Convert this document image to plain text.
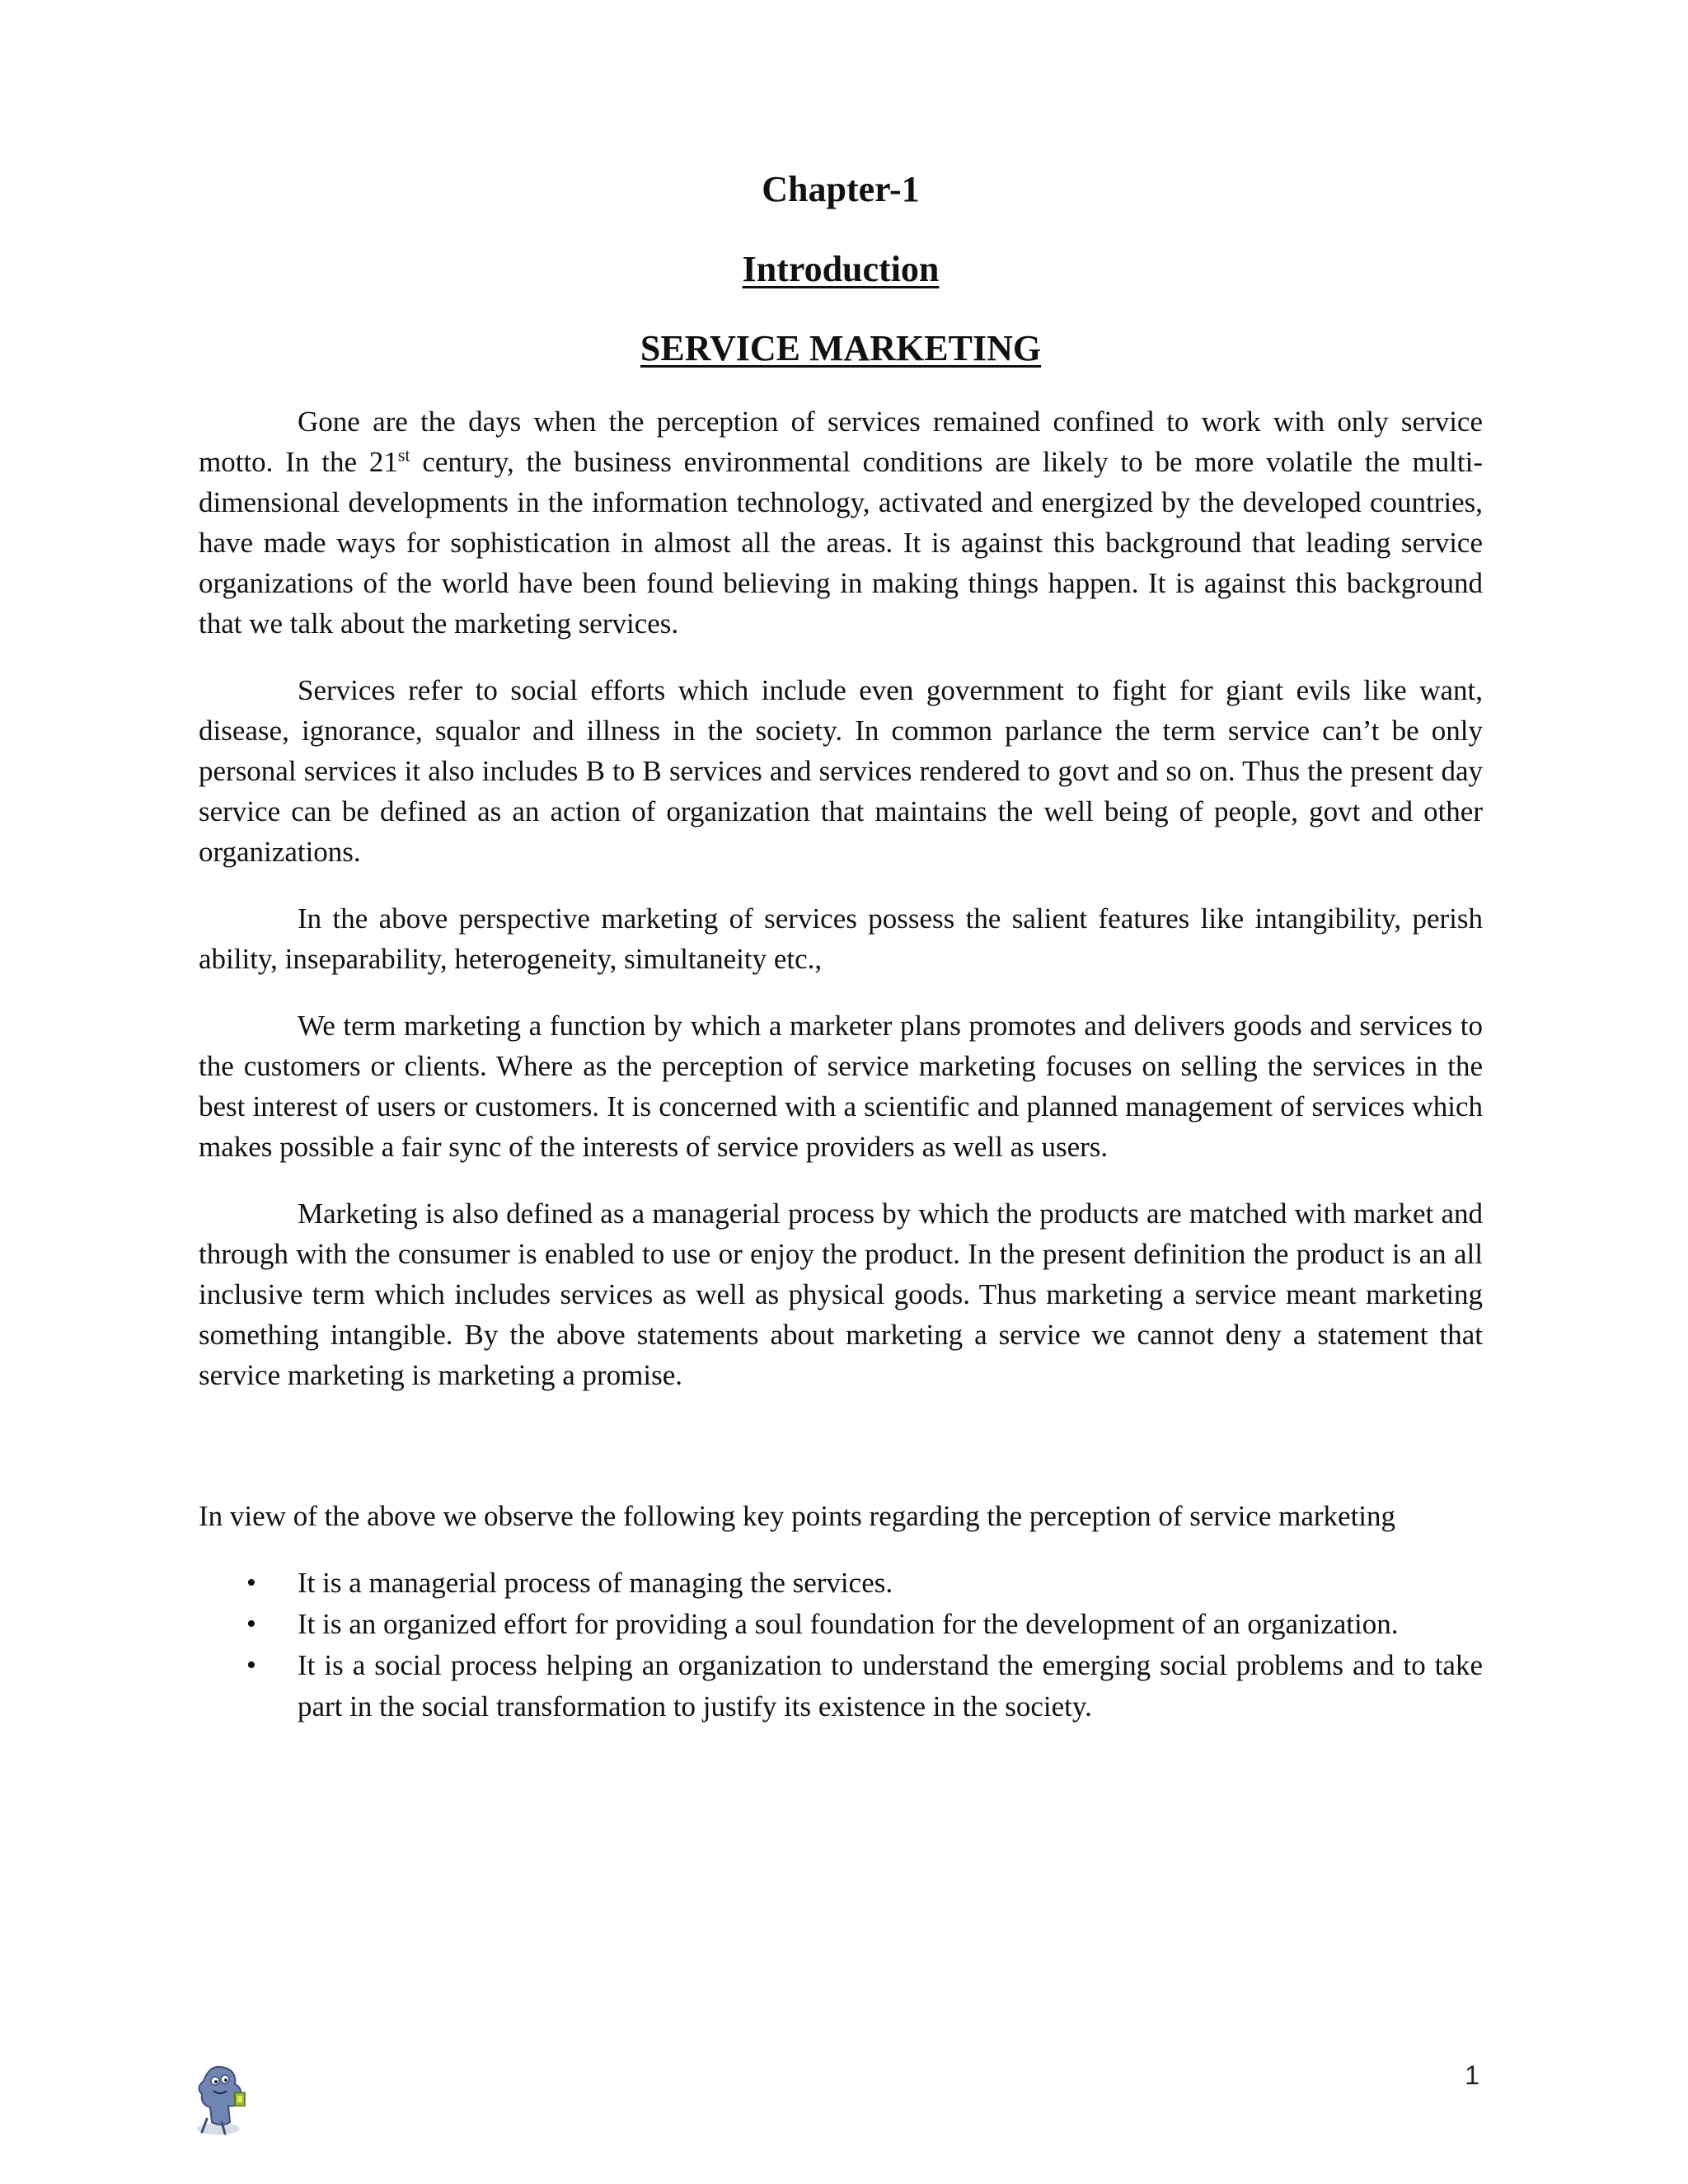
Chapter-1
Introduction
SERVICE MARKETING

Gone are the days when the perception of services remained confined to work with only service motto. In the 21st century, the business environmental conditions are likely to be more volatile the multi-dimensional developments in the information technology, activated and energized by the developed countries, have made ways for sophistication in almost all the areas. It is against this background that leading service organizations of the world have been found believing in making things happen. It is against this background that we talk about the marketing services.

Services refer to social efforts which include even government to fight for giant evils like want, disease, ignorance, squalor and illness in the society. In common parlance the term service can’t be only personal services it also includes B to B services and services rendered to govt and so on. Thus the present day service can be defined as an action of organization that maintains the well being of people, govt and other organizations.

In the above perspective marketing of services possess the salient features like intangibility, perish ability, inseparability, heterogeneity, simultaneity etc.,

We term marketing a function by which a marketer plans promotes and delivers goods and services to the customers or clients. Where as the perception of service marketing focuses on selling the services in the best interest of users or customers. It is concerned with a scientific and planned management of services which makes possible a fair sync of the interests of service providers as well as users.

Marketing is also defined as a managerial process by which the products are matched with market and through with the consumer is enabled to use or enjoy the product. In the present definition the product is an all inclusive term which includes services as well as physical goods. Thus marketing a service meant marketing something intangible. By the above statements about marketing a service we cannot deny a statement that service marketing is marketing a promise.

In view of the above we observe the following key points regarding the perception of service marketing

• It is a managerial process of managing the services.
• It is an organized effort for providing a soul foundation for the development of an organization.
• It is a social process helping an organization to understand the emerging social problems and to take part in the social transformation to justify its existence in the society.
1
